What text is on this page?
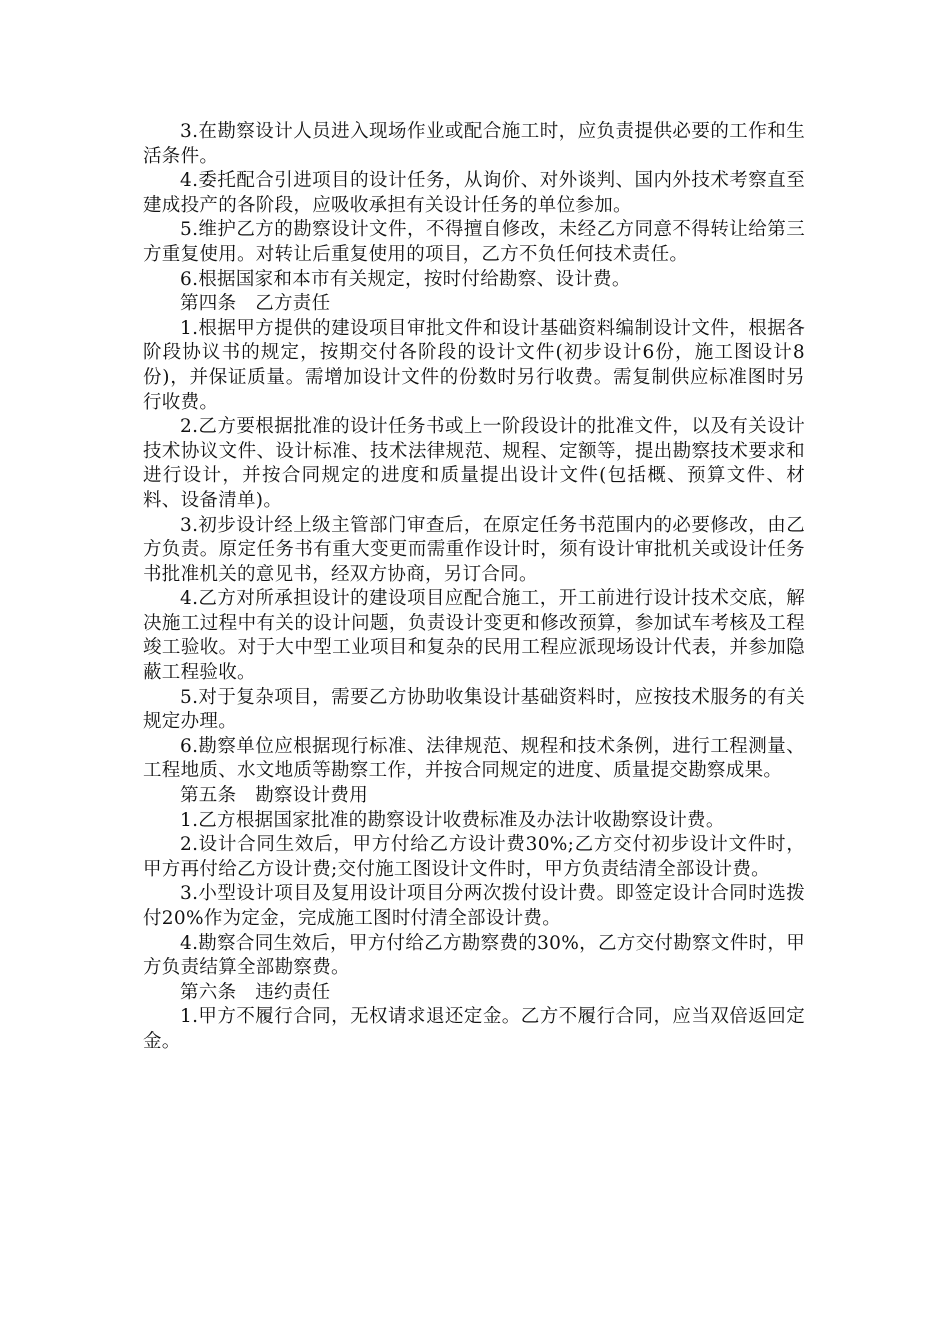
3.在勘察设计人员进入现场作业或配合施工时，应负责提供必要的工作和生活条件。

4.委托配合引进项目的设计任务，从询价、对外谈判、国内外技术考察直至建成投产的各阶段，应吸收承担有关设计任务的单位参加。

5.维护乙方的勘察设计文件，不得擅自修改，未经乙方同意不得转让给第三方重复使用。对转让后重复使用的项目，乙方不负任何技术责任。

6.根据国家和本市有关规定，按时付给勘察、设计费。

第四条　乙方责任

1.根据甲方提供的建设项目审批文件和设计基础资料编制设计文件，根据各阶段协议书的规定，按期交付各阶段的设计文件(初步设计6份，施工图设计8份)，并保证质量。需增加设计文件的份数时另行收费。需复制供应标准图时另行收费。

2.乙方要根据批准的设计任务书或上一阶段设计的批准文件，以及有关设计技术协议文件、设计标准、技术法律规范、规程、定额等，提出勘察技术要求和进行设计，并按合同规定的进度和质量提出设计文件(包括概、预算文件、材料、设备清单)。

3.初步设计经上级主管部门审查后，在原定任务书范围内的必要修改，由乙方负责。原定任务书有重大变更而需重作设计时，须有设计审批机关或设计任务书批准机关的意见书，经双方协商，另订合同。

4.乙方对所承担设计的建设项目应配合施工，开工前进行设计技术交底，解决施工过程中有关的设计问题，负责设计变更和修改预算，参加试车考核及工程竣工验收。对于大中型工业项目和复杂的民用工程应派现场设计代表，并参加隐蔽工程验收。

5.对于复杂项目，需要乙方协助收集设计基础资料时，应按技术服务的有关规定办理。

6.勘察单位应根据现行标准、法律规范、规程和技术条例，进行工程测量、工程地质、水文地质等勘察工作，并按合同规定的进度、质量提交勘察成果。

第五条　勘察设计费用

1.乙方根据国家批准的勘察设计收费标准及办法计收勘察设计费。

2.设计合同生效后，甲方付给乙方设计费30%;乙方交付初步设计文件时，甲方再付给乙方设计费;交付施工图设计文件时，甲方负责结清全部设计费。

3.小型设计项目及复用设计项目分两次拨付设计费。即签定设计合同时选拨付20%作为定金，完成施工图时付清全部设计费。

4.勘察合同生效后，甲方付给乙方勘察费的30%，乙方交付勘察文件时，甲方负责结算全部勘察费。

第六条　违约责任

1.甲方不履行合同，无权请求退还定金。乙方不履行合同，应当双倍返回定金。
